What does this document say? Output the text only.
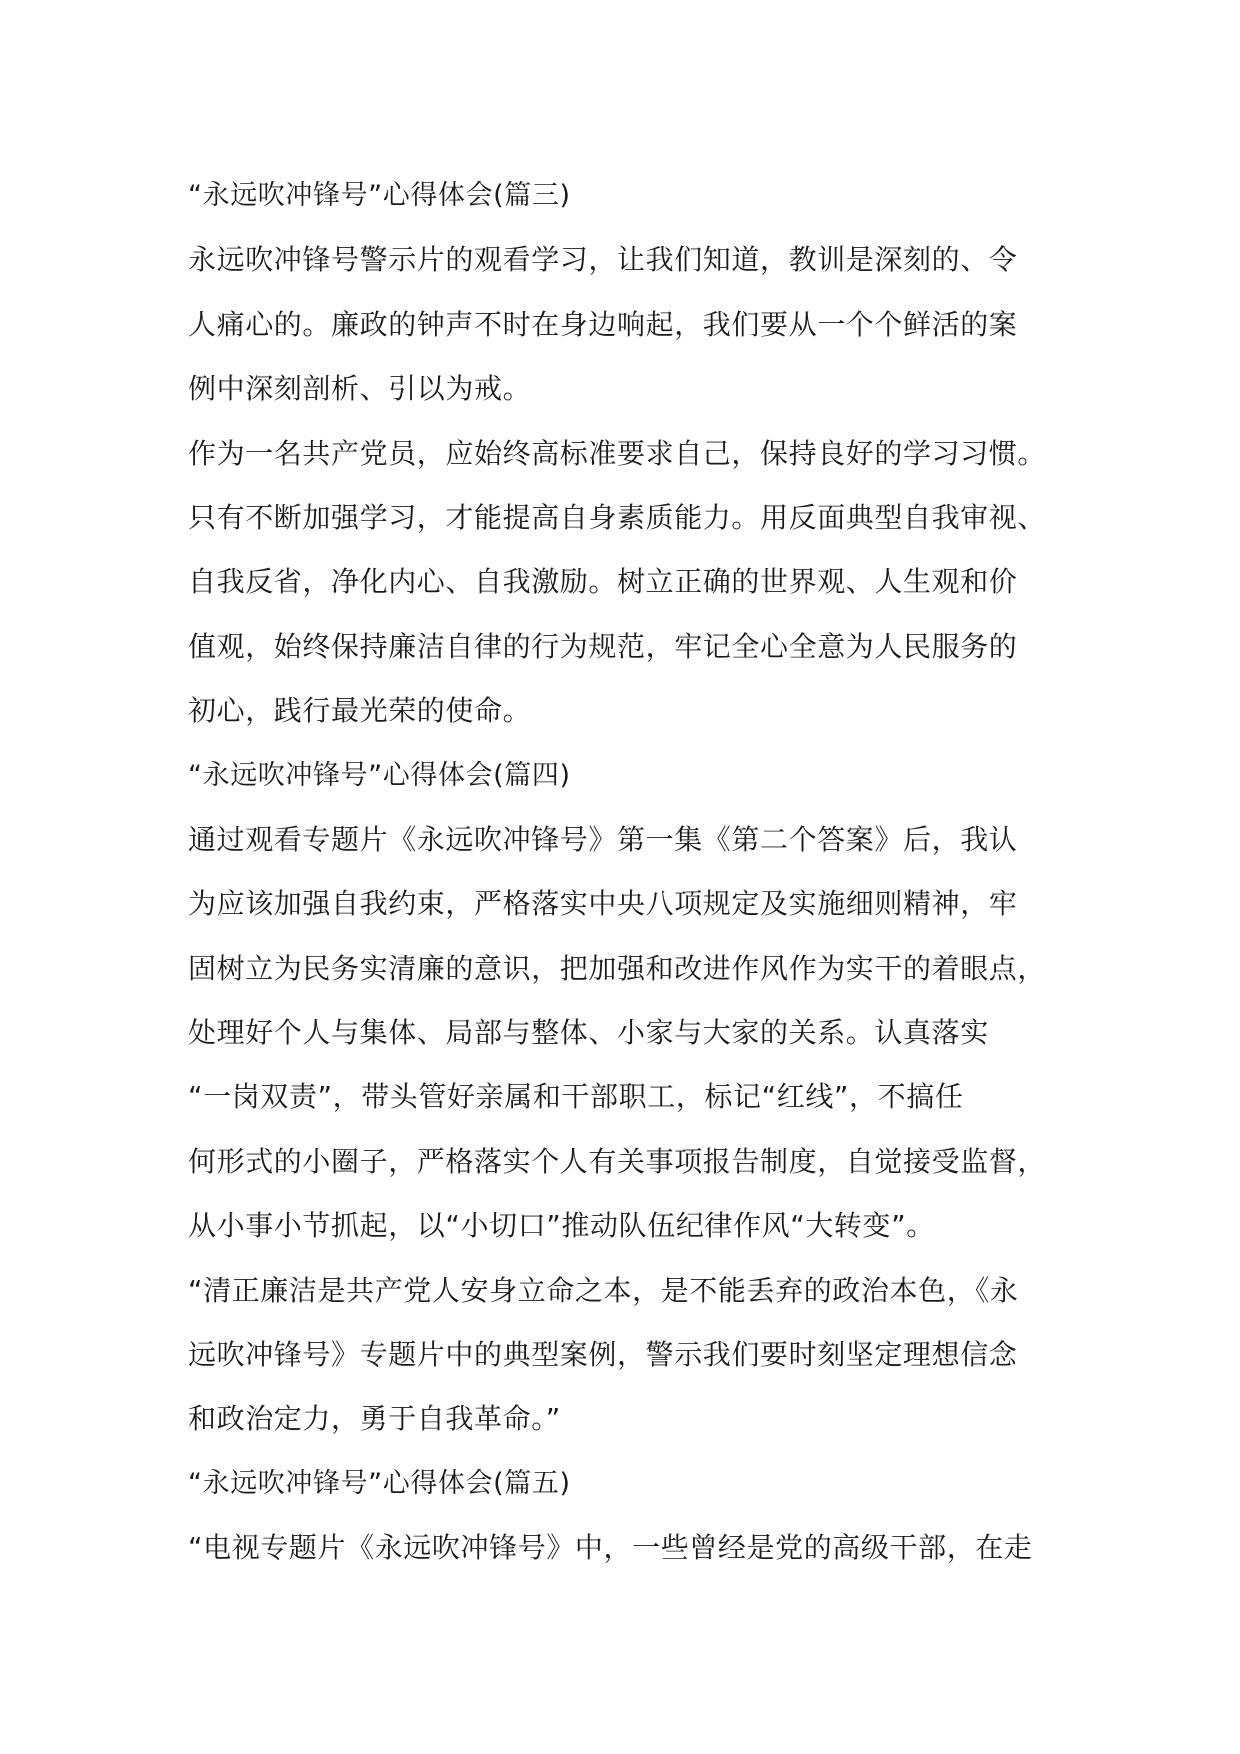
“永远吹冲锋号”心得体会(篇三)
永远吹冲锋号警示片的观看学习，让我们知道，教训是深刻的、令
人痛心的。廉政的钟声不时在身边响起，我们要从一个个鲜活的案
例中深刻剖析、引以为戒。
作为一名共产党员，应始终高标准要求自己，保持良好的学习习惯。
只有不断加强学习，才能提高自身素质能力。用反面典型自我审视、
自我反省，净化内心、自我激励。树立正确的世界观、人生观和价
值观，始终保持廉洁自律的行为规范，牢记全心全意为人民服务的
初心，践行最光荣的使命。
“永远吹冲锋号”心得体会(篇四)
通过观看专题片《永远吹冲锋号》第一集《第二个答案》后，我认
为应该加强自我约束，严格落实中央八项规定及实施细则精神，牢
固树立为民务实清廉的意识，把加强和改进作风作为实干的着眼点，
处理好个人与集体、局部与整体、小家与大家的关系。认真落实
“一岗双责”，带头管好亲属和干部职工，标记“红线”，不搞任
何形式的小圈子，严格落实个人有关事项报告制度，自觉接受监督，
从小事小节抓起，以“小切口”推动队伍纪律作风“大转变”。
“清正廉洁是共产党人安身立命之本，是不能丢弃的政治本色，《永
远吹冲锋号》专题片中的典型案例，警示我们要时刻坚定理想信念
和政治定力，勇于自我革命。”
“永远吹冲锋号”心得体会(篇五)
“电视专题片《永远吹冲锋号》中，一些曾经是党的高级干部，在走
